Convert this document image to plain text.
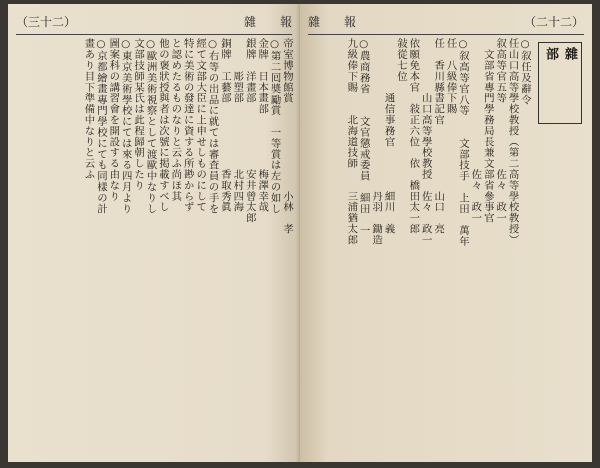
（三十二）	雜　　報
帝室博物館賞　　　　　　　　小林　孝
○第二囘奬勵賞　一等賞は左の如し
金牌　日本畫部　　　　　梅澤幸哉
銀牌　洋畫部　　　　　　安井曾太郎
　　　彫塑部　　　　　　北村四海
銅牌　工藝部　　　　　　香取秀眞
○右等の出品に就ては審査員の手を
經て文部大臣に上申せしものにして
特に美術の發達に資する所尠からず
と認めたるものなりと云ふ尚ほ其
他の褒狀授與者は次號に掲載すべし
○歐洲美術視察として渡歐中なりし
文部技師某氏は此程歸朝したり
○東京美術學校にては來る四月より
圖案科の講習會を開設する由なり
○京都繪畫專門學校にても同樣の計
畫あり目下準備中なりと云ふ
雜　　報	（二十二）
雜　部
○叙任及辭令
任山口高等學校教授（第二高等學校教授）
叙高等官五等　　　　　　佐々　政一
　文部省專門學務局長兼文部省參事官
　　　　　　　　　　　　佐々　政一
○叙高等官八等　　文部技手　上田　萬年
任　八級俸下賜
任　香川縣書記官　　　　　　山口　亮
　　　　　山口高等學校教授　佐々　政一
依願免本官　敍正六位　依　橋田太一郎
敍從七位
　　　　　通信事務官　　　　細川　義
　　　　　　　　　　　　　　丹羽　鋤造
○農商務省　　文官懲戒委員　細田　一
九級俸下賜　　北海道技師　　三浦猶太郎
